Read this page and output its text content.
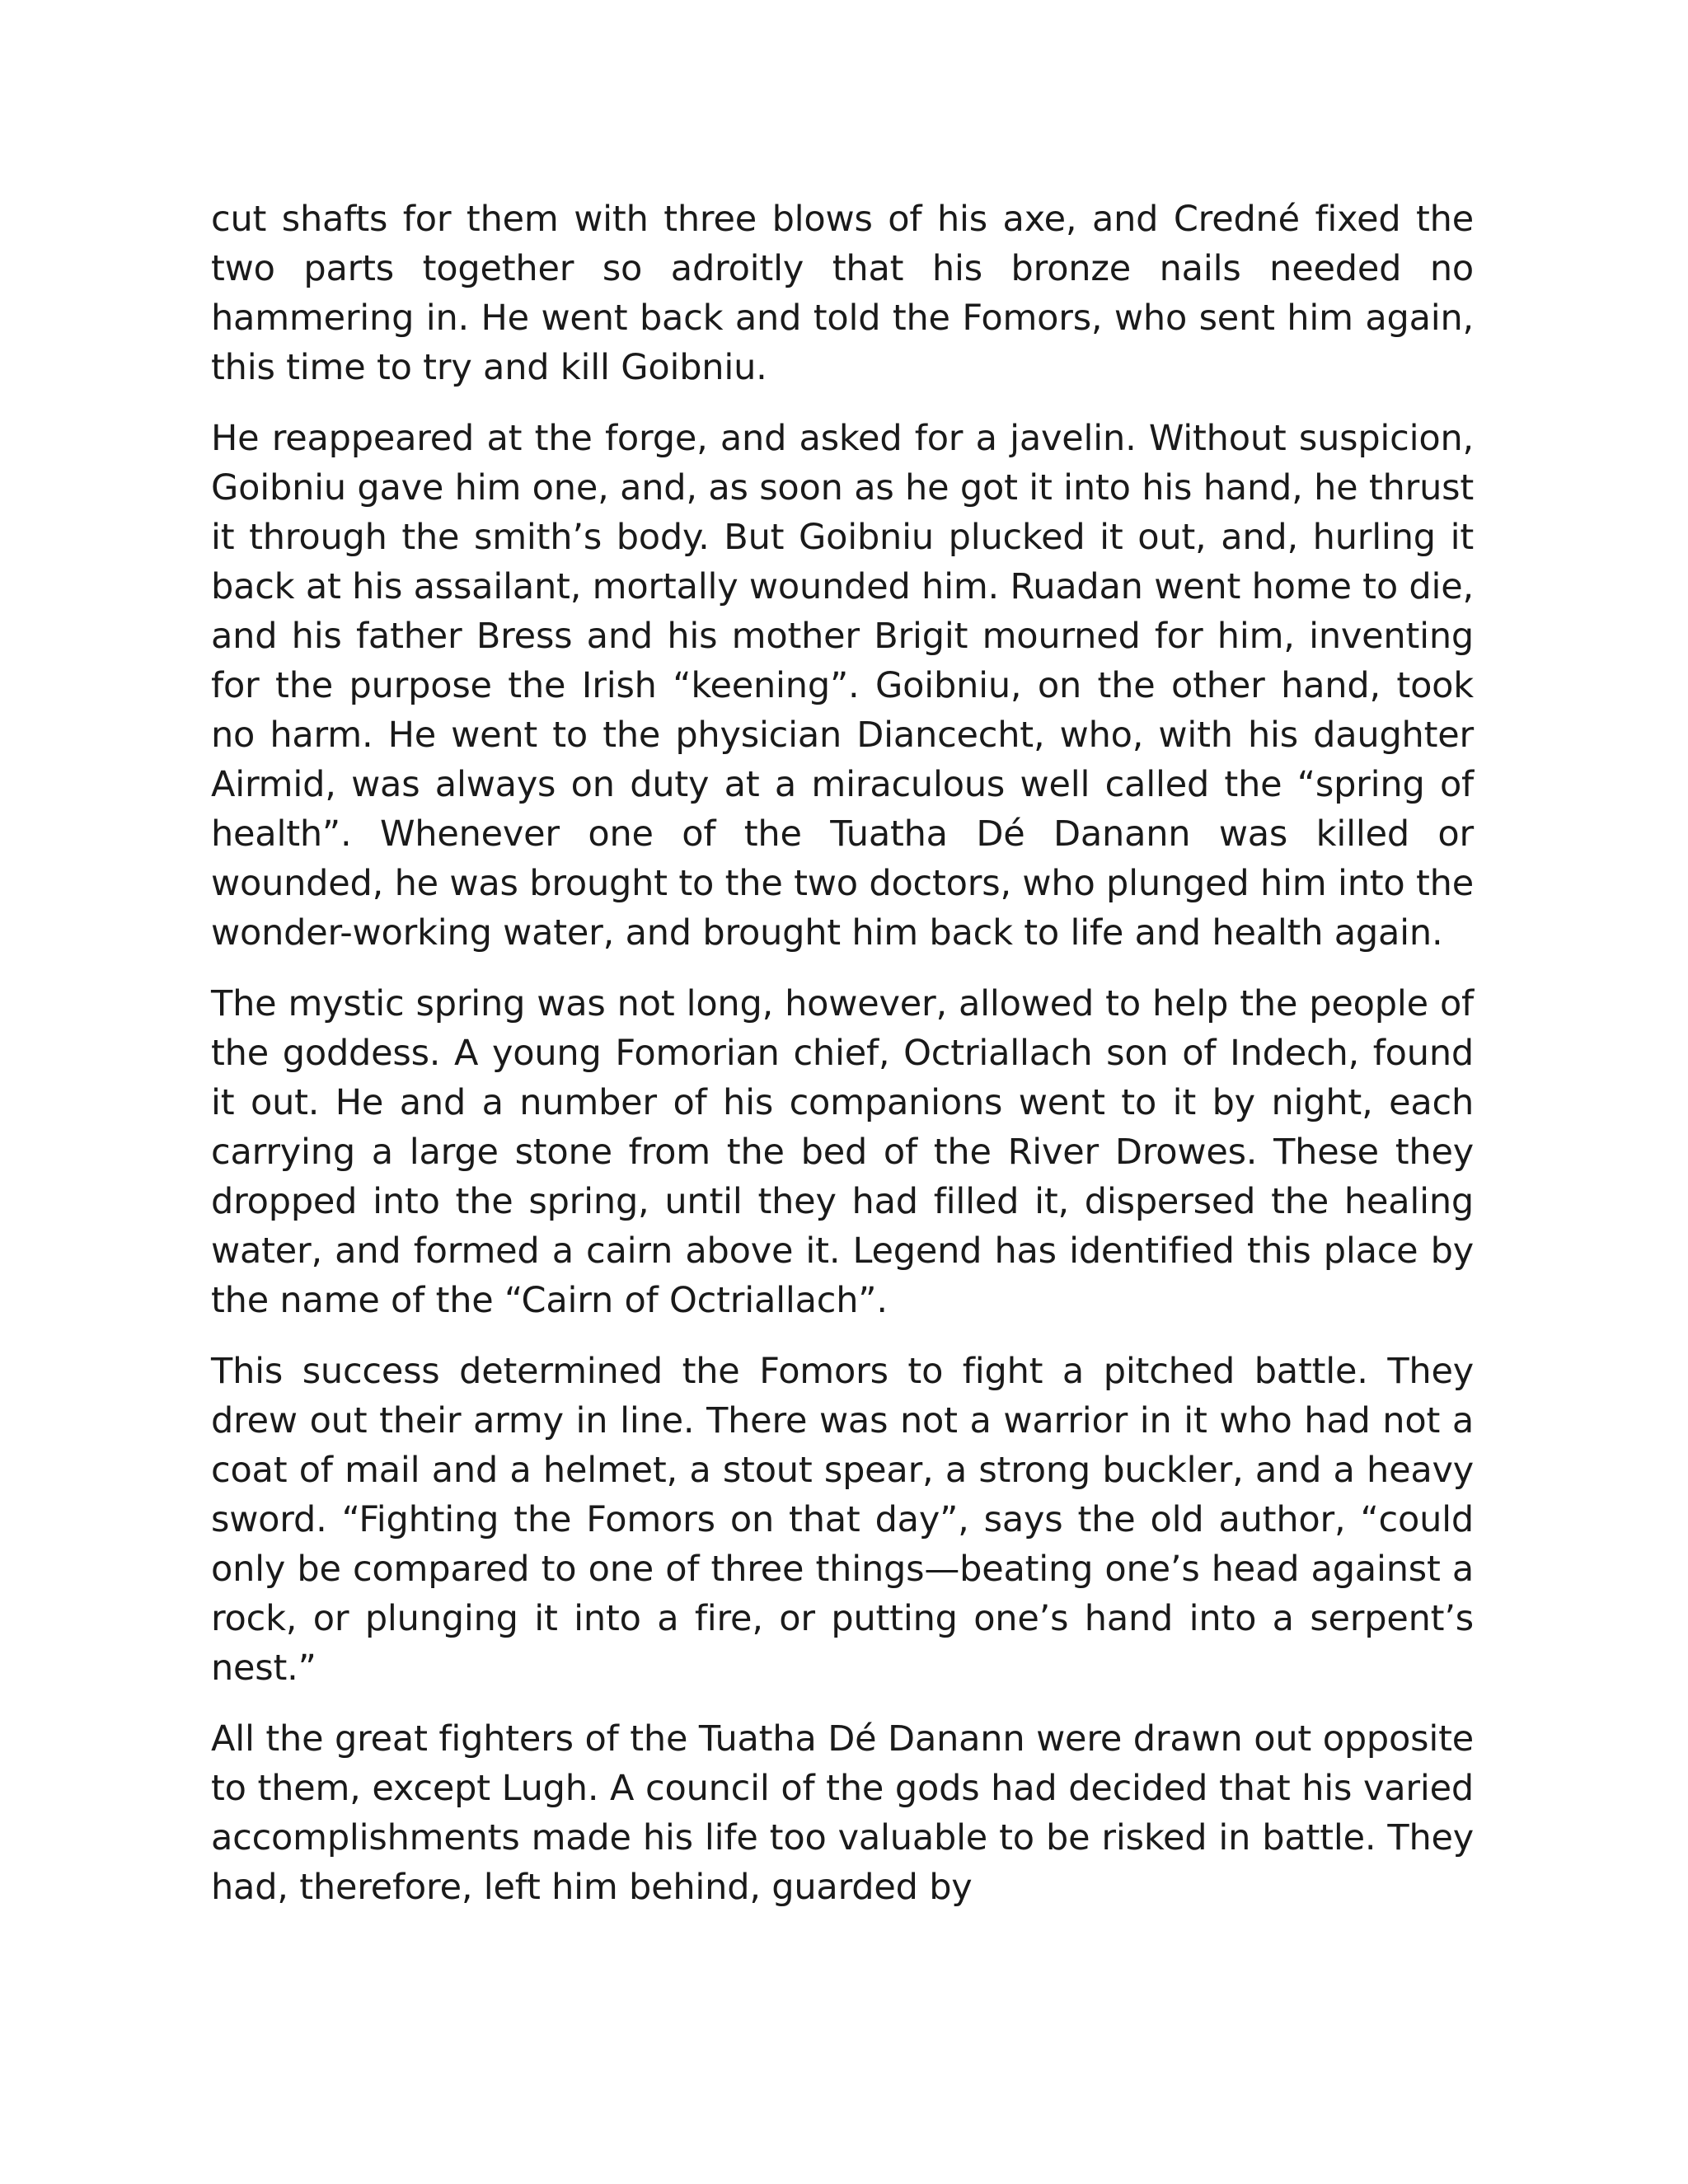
cut shafts for them with three blows of his axe, and Credné fixed the two parts together so adroitly that his bronze nails needed no hammering in. He went back and told the Fomors, who sent him again, this time to try and kill Goibniu.

He reappeared at the forge, and asked for a javelin. Without suspicion, Goibniu gave him one, and, as soon as he got it into his hand, he thrust it through the smith’s body. But Goibniu plucked it out, and, hurling it back at his assailant, mortally wounded him. Ruadan went home to die, and his father Bress and his mother Brigit mourned for him, inventing for the purpose the Irish “keening”. Goibniu, on the other hand, took no harm. He went to the physician Diancecht, who, with his daughter Airmid, was always on duty at a miraculous well called the “spring of health”. Whenever one of the Tuatha Dé Danann was killed or wounded, he was brought to the two doctors, who plunged him into the wonder-working water, and brought him back to life and health again.

The mystic spring was not long, however, allowed to help the people of the goddess. A young Fomorian chief, Octriallach son of Indech, found it out. He and a number of his companions went to it by night, each carrying a large stone from the bed of the River Drowes. These they dropped into the spring, until they had filled it, dispersed the healing water, and formed a cairn above it. Legend has identified this place by the name of the “Cairn of Octriallach”.

This success determined the Fomors to fight a pitched battle. They drew out their army in line. There was not a warrior in it who had not a coat of mail and a helmet, a stout spear, a strong buckler, and a heavy sword. “Fighting the Fomors on that day”, says the old author, “could only be compared to one of three things—beating one’s head against a rock, or plunging it into a fire, or putting one’s hand into a serpent’s nest.”

All the great fighters of the Tuatha Dé Danann were drawn out opposite to them, except Lugh. A council of the gods had decided that his varied accomplishments made his life too valuable to be risked in battle. They had, therefore, left him behind, guarded by
